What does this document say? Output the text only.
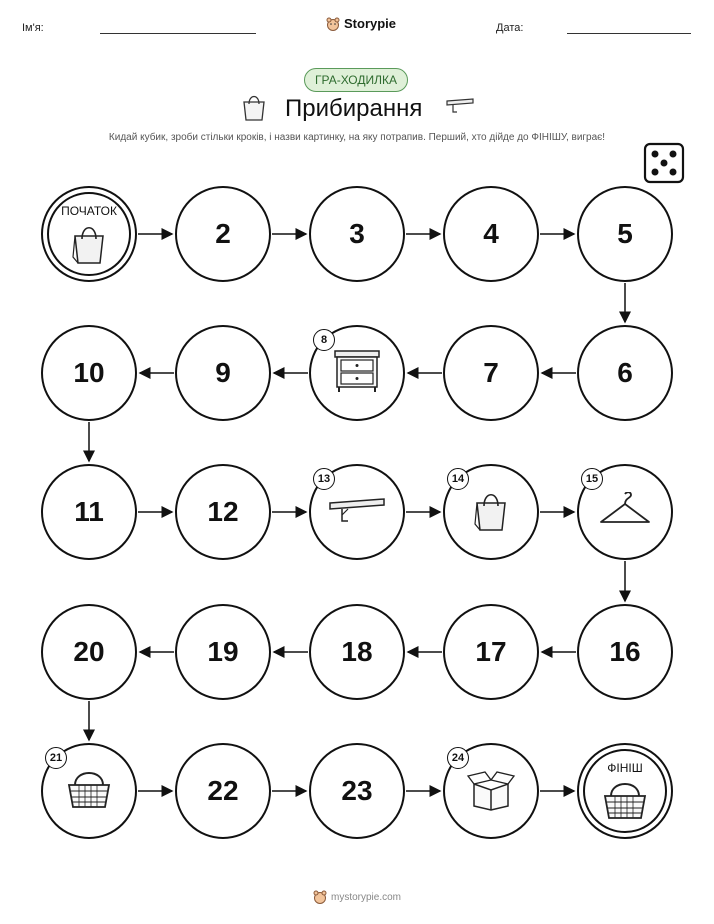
Ім'я:	Storypie	Дата:
ГРА-ХОДИЛКА
Прибирання
Кидай кубик, зроби стільки кроків, і назви картинку, на яку потрапив. Перший, хто дійде до ФІНІШУ, виграє!
ПОЧАТОК
2	3	4	5
6
7
8
9
10
11	12
13	14	15
16
17
18
19
20
21
22	23
24
ФІНІШ
mystorypie.com
